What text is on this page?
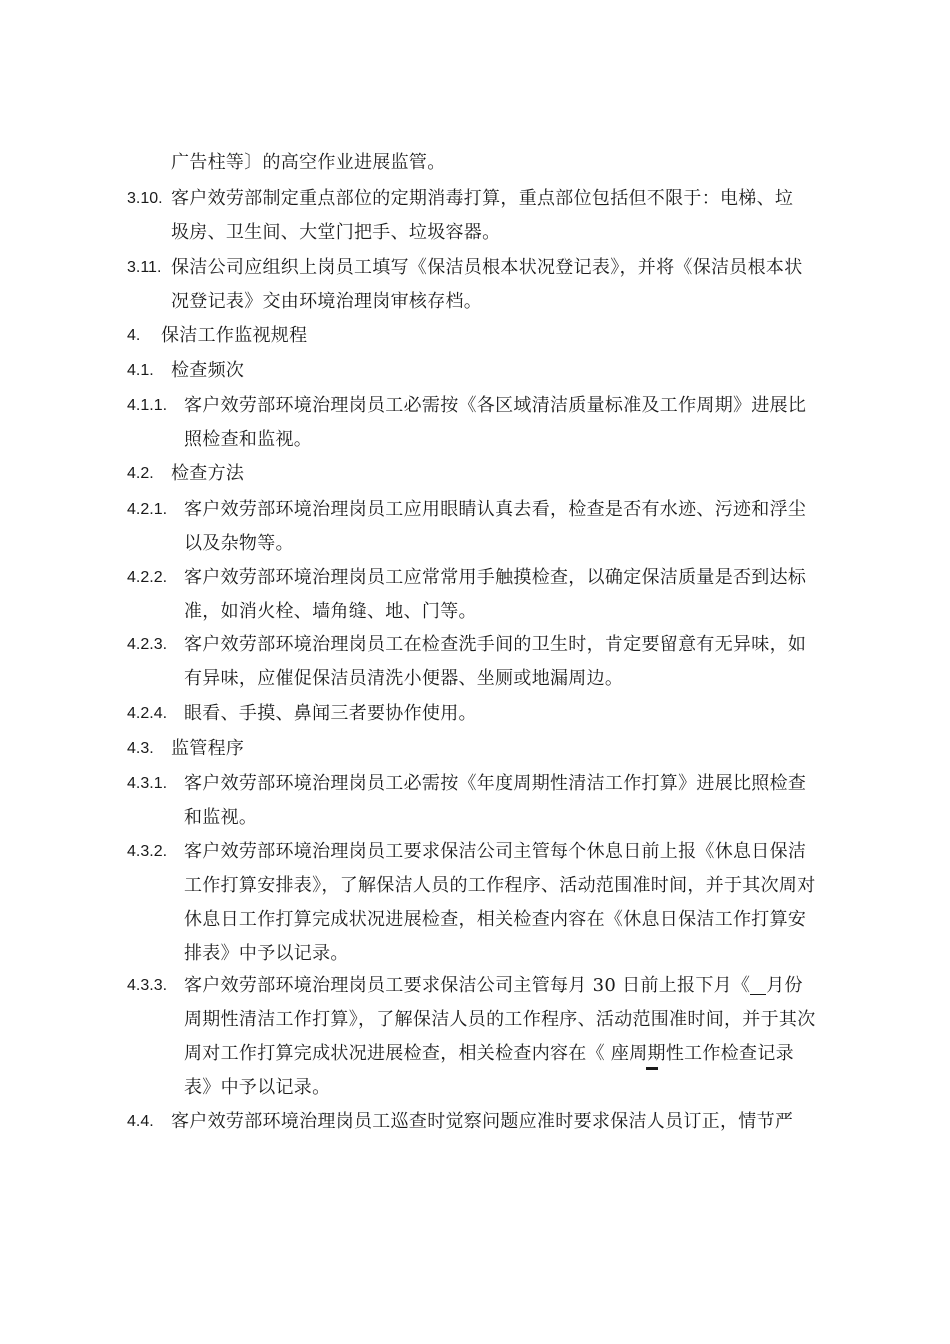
广告柱等〕的高空作业进展监管。
3.10. 客户效劳部制定重点部位的定期消毒打算，重点部位包括但不限于：电梯、垃
圾房、卫生间、大堂门把手、垃圾容器。
3.11. 保洁公司应组织上岗员工填写《保洁员根本状况登记表》，并将《保洁员根本状
况登记表》交由环境治理岗审核存档。
4. 保洁工作监视规程
4.1. 检查频次
4.1.1. 客户效劳部环境治理岗员工必需按《各区域清洁质量标准及工作周期》进展比
照检查和监视。
4.2. 检查方法
4.2.1. 客户效劳部环境治理岗员工应用眼睛认真去看，检查是否有水迹、污迹和浮尘
以及杂物等。
4.2.2. 客户效劳部环境治理岗员工应常常用手触摸检查，以确定保洁质量是否到达标
准，如消火栓、墙角缝、地、门等。
4.2.3. 客户效劳部环境治理岗员工在检查洗手间的卫生时，肯定要留意有无异味，如
有异味，应催促保洁员清洗小便器、坐厕或地漏周边。
4.2.4. 眼看、手摸、鼻闻三者要协作使用。
4.3. 监管程序
4.3.1. 客户效劳部环境治理岗员工必需按《年度周期性清洁工作打算》进展比照检查
和监视。
4.3.2. 客户效劳部环境治理岗员工要求保洁公司主管每个休息日前上报《休息日保洁
工作打算安排表》，了解保洁人员的工作程序、活动范围准时间，并于其次周对
休息日工作打算完成状况进展检查，相关检查内容在《休息日保洁工作打算安
排表》中予以记录。
4.3.3. 客户效劳部环境治理岗员工要求保洁公司主管每月 30 日前上报下月《 月份
周期性清洁工作打算》，了解保洁人员的工作程序、活动范围准时间，并于其次
周对工作打算完成状况进展检查，相关检查内容在《 座周期性工作检查记录
表》中予以记录。
4.4. 客户效劳部环境治理岗员工巡查时觉察问题应准时要求保洁人员订正，情节严
